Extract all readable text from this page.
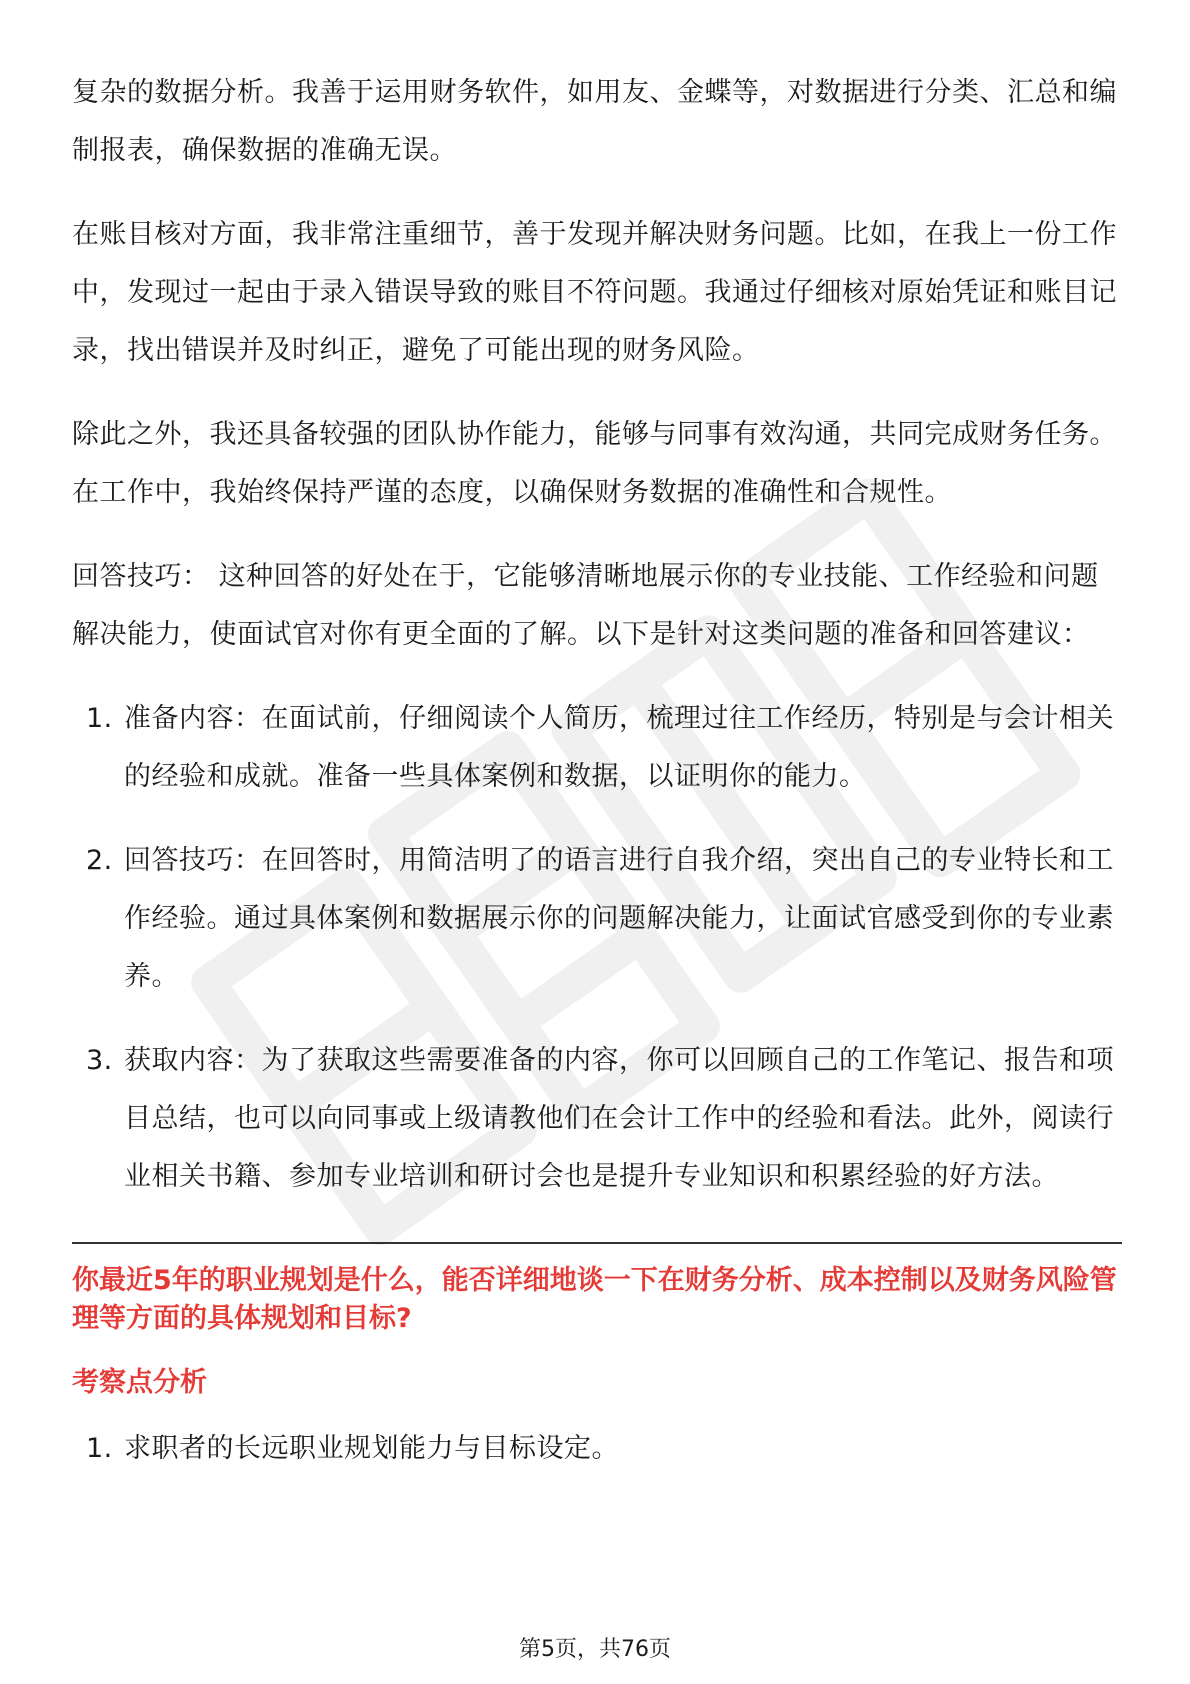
复杂的数据分析。我善于运用财务软件，如用友、金蝶等，对数据进行分类、汇总和编制报表，确保数据的准确无误。

在账目核对方面，我非常注重细节，善于发现并解决财务问题。比如，在我上一份工作中，发现过一起由于录入错误导致的账目不符问题。我通过仔细核对原始凭证和账目记录，找出错误并及时纠正，避免了可能出现的财务风险。

除此之外，我还具备较强的团队协作能力，能够与同事有效沟通，共同完成财务任务。在工作中，我始终保持严谨的态度，以确保财务数据的准确性和合规性。

回答技巧： 这种回答的好处在于，它能够清晰地展示你的专业技能、工作经验和问题解决能力，使面试官对你有更全面的了解。以下是针对这类问题的准备和回答建议：

1. 准备内容：在面试前，仔细阅读个人简历，梳理过往工作经历，特别是与会计相关的经验和成就。准备一些具体案例和数据，以证明你的能力。
2. 回答技巧：在回答时，用简洁明了的语言进行自我介绍，突出自己的专业特长和工作经验。通过具体案例和数据展示你的问题解决能力，让面试官感受到你的专业素养。
3. 获取内容：为了获取这些需要准备的内容，你可以回顾自己的工作笔记、报告和项目总结，也可以向同事或上级请教他们在会计工作中的经验和看法。此外，阅读行业相关书籍、参加专业培训和研讨会也是提升专业知识和积累经验的好方法。

你最近5年的职业规划是什么，能否详细地谈一下在财务分析、成本控制以及财务风险管理等方面的具体规划和目标?

考察点分析

1. 求职者的长远职业规划能力与目标设定。
第5页，共76页
